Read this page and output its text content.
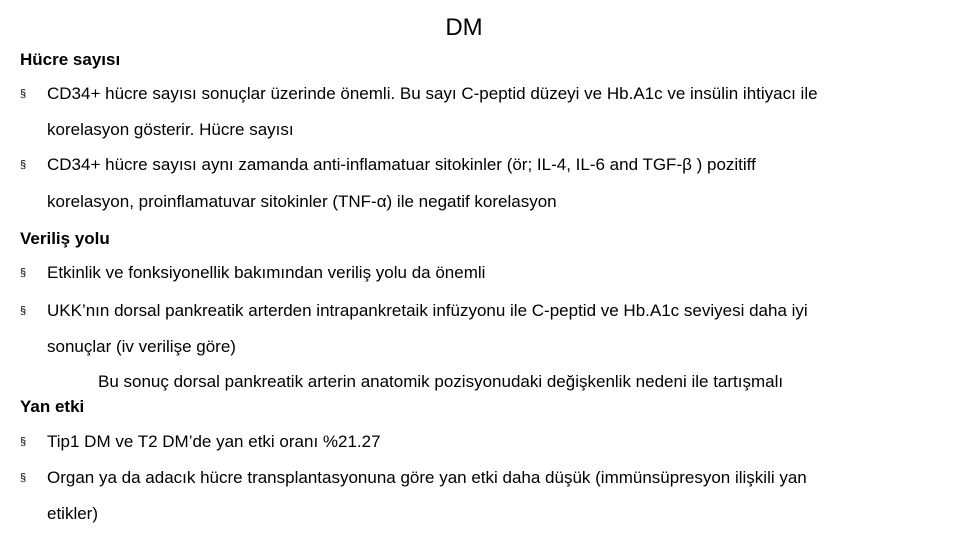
DM
Hücre sayısı
§ CD34+ hücre sayısı sonuçlar üzerinde önemli. Bu sayı C-peptid düzeyi ve Hb.A1c ve insülin ihtiyacı ile
korelasyon gösterir. Hücre sayısı
§ CD34+ hücre sayısı aynı zamanda anti-inflamatuar sitokinler (ör; IL-4, IL-6 and TGF-β ) pozitiff
korelasyon, proinflamatuvar sitokinler (TNF-α) ile negatif korelasyon
Veriliş yolu
§ Etkinlik ve fonksiyonellik bakımından veriliş yolu da önemli
§ UKK’nın dorsal pankreatik arterden intrapankretaik infüzyonu ile C-peptid ve Hb.A1c seviyesi daha iyi
sonuçlar (iv verilişe göre)
Bu sonuç dorsal pankreatik arterin anatomik pozisyonudaki değişkenlik nedeni ile tartışmalı
Yan etki
§ Tip1 DM ve T2 DM’de yan etki oranı %21.27
§ Organ ya da adacık hücre transplantasyonuna göre yan etki daha düşük (immünsüpresyon ilişkili yan
etikler)
